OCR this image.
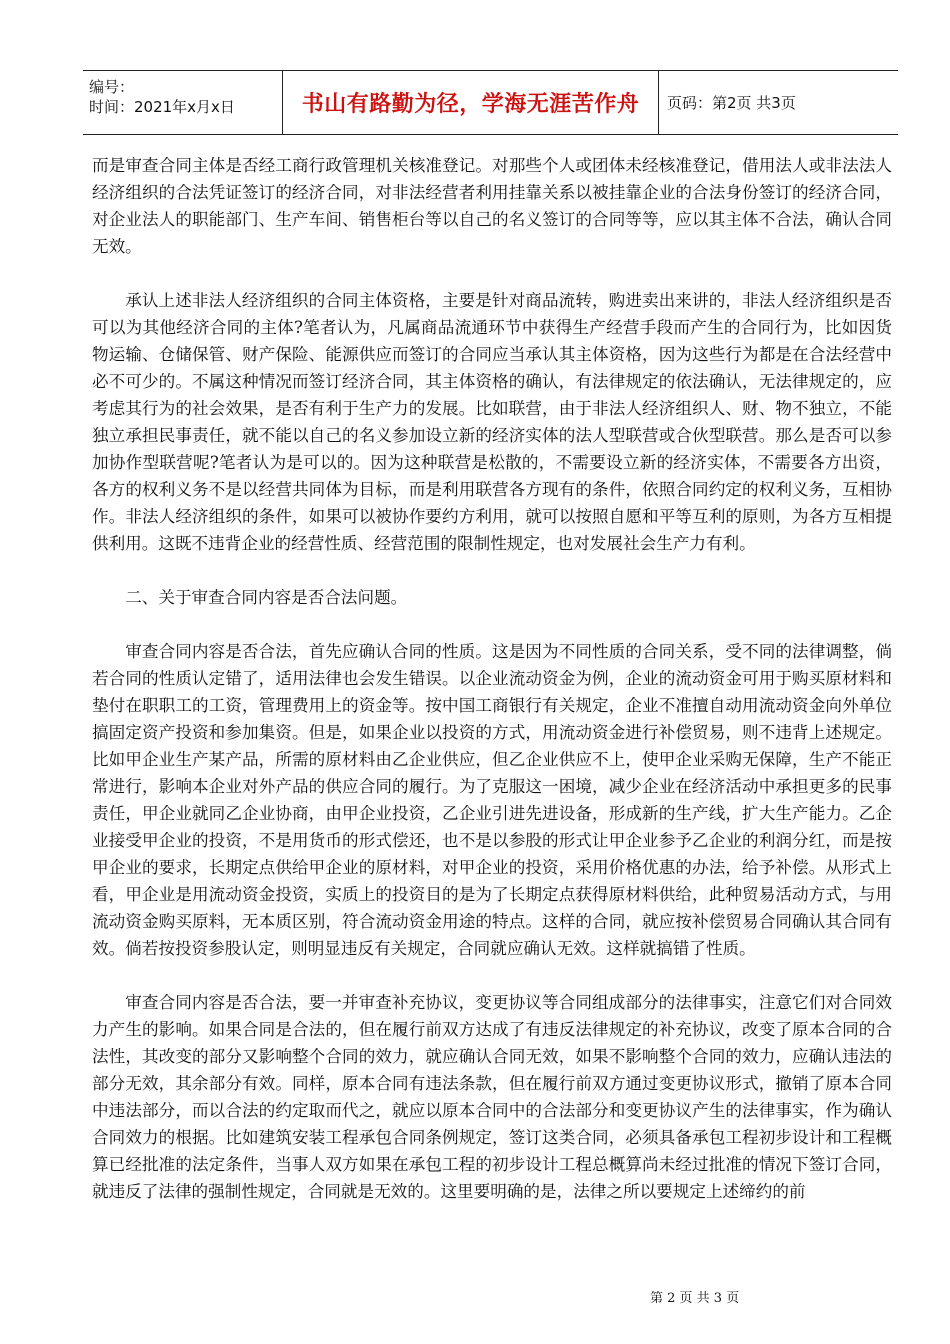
编号：
时间：2021年x月x日	书山有路勤为径，学海无涯苦作舟	页码：第2页 共3页

而是审查合同主体是否经工商行政管理机关核准登记。对那些个人或团体未经核准登记，借用法人或非法法人经济组织的合法凭证签订的经济合同，对非法经营者利用挂靠关系以被挂靠企业的合法身份签订的经济合同，对企业法人的职能部门、生产车间、销售柜台等以自己的名义签订的合同等等，应以其主体不合法，确认合同无效。

承认上述非法人经济组织的合同主体资格，主要是针对商品流转，购进卖出来讲的，非法人经济组织是否可以为其他经济合同的主体?笔者认为，凡属商品流通环节中获得生产经营手段而产生的合同行为，比如因货物运输、仓储保管、财产保险、能源供应而签订的合同应当承认其主体资格，因为这些行为都是在合法经营中必不可少的。不属这种情况而签订经济合同，其主体资格的确认，有法律规定的依法确认，无法律规定的，应考虑其行为的社会效果，是否有利于生产力的发展。比如联营，由于非法人经济组织人、财、物不独立，不能独立承担民事责任，就不能以自己的名义参加设立新的经济实体的法人型联营或合伙型联营。那么是否可以参加协作型联营呢?笔者认为是可以的。因为这种联营是松散的，不需要设立新的经济实体，不需要各方出资，各方的权利义务不是以经营共同体为目标，而是利用联营各方现有的条件，依照合同约定的权利义务，互相协作。非法人经济组织的条件，如果可以被协作要约方利用，就可以按照自愿和平等互利的原则，为各方互相提供利用。这既不违背企业的经营性质、经营范围的限制性规定，也对发展社会生产力有利。

二、关于审查合同内容是否合法问题。

审查合同内容是否合法，首先应确认合同的性质。这是因为不同性质的合同关系，受不同的法律调整，倘若合同的性质认定错了，适用法律也会发生错误。以企业流动资金为例，企业的流动资金可用于购买原材料和垫付在职职工的工资，管理费用上的资金等。按中国工商银行有关规定，企业不准擅自动用流动资金向外单位搞固定资产投资和参加集资。但是，如果企业以投资的方式，用流动资金进行补偿贸易，则不违背上述规定。比如甲企业生产某产品，所需的原材料由乙企业供应，但乙企业供应不上，使甲企业采购无保障，生产不能正常进行，影响本企业对外产品的供应合同的履行。为了克服这一困境，减少企业在经济活动中承担更多的民事责任，甲企业就同乙企业协商，由甲企业投资，乙企业引进先进设备，形成新的生产线，扩大生产能力。乙企业接受甲企业的投资，不是用货币的形式偿还，也不是以参股的形式让甲企业参予乙企业的利润分红，而是按甲企业的要求，长期定点供给甲企业的原材料，对甲企业的投资，采用价格优惠的办法，给予补偿。从形式上看，甲企业是用流动资金投资，实质上的投资目的是为了长期定点获得原材料供给，此种贸易活动方式，与用流动资金购买原料，无本质区别，符合流动资金用途的特点。这样的合同，就应按补偿贸易合同确认其合同有效。倘若按投资参股认定，则明显违反有关规定，合同就应确认无效。这样就搞错了性质。

审查合同内容是否合法，要一并审查补充协议，变更协议等合同组成部分的法律事实，注意它们对合同效力产生的影响。如果合同是合法的，但在履行前双方达成了有违反法律规定的补充协议，改变了原本合同的合法性，其改变的部分又影响整个合同的效力，就应确认合同无效，如果不影响整个合同的效力，应确认违法的部分无效，其余部分有效。同样，原本合同有违法条款，但在履行前双方通过变更协议形式，撤销了原本合同中违法部分，而以合法的约定取而代之，就应以原本合同中的合法部分和变更协议产生的法律事实，作为确认合同效力的根据。比如建筑安装工程承包合同条例规定，签订这类合同，必须具备承包工程初步设计和工程概算已经批准的法定条件，当事人双方如果在承包工程的初步设计工程总概算尚未经过批准的情况下签订合同，就违反了法律的强制性规定，合同就是无效的。这里要明确的是，法律之所以要规定上述缔约的前

第 2 页 共 3 页
